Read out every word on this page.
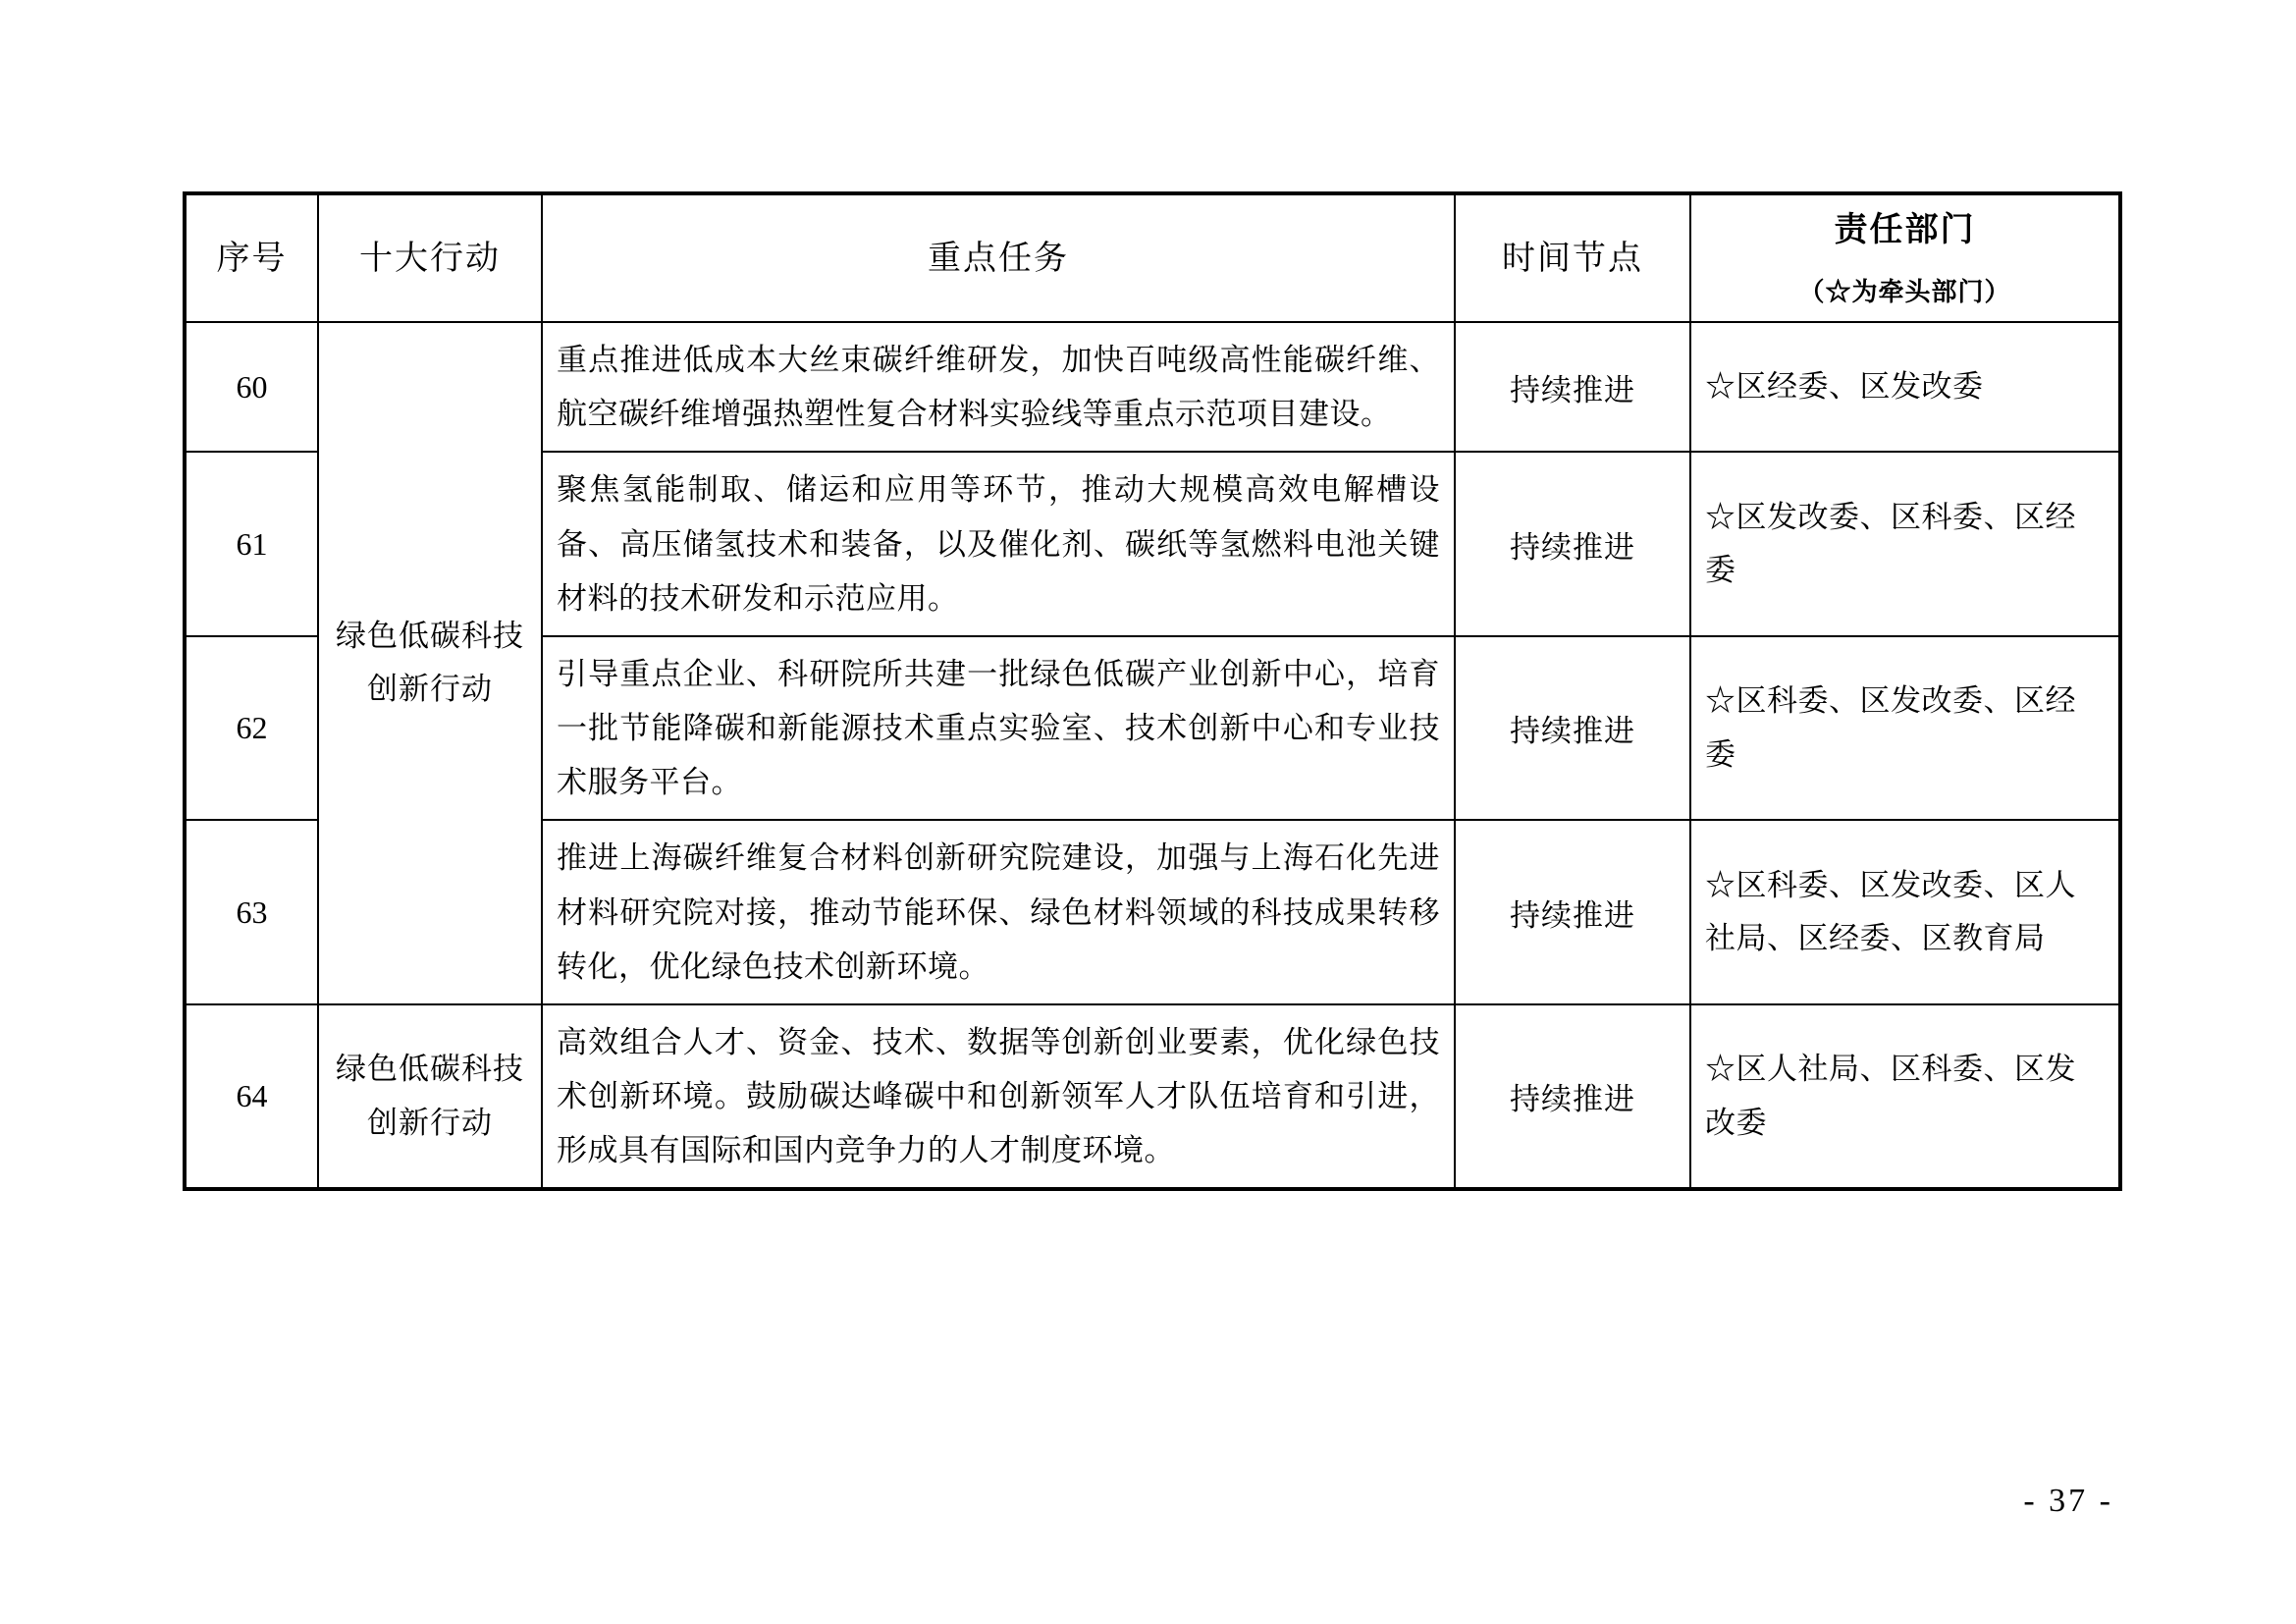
序号	十大行动	重点任务	时间节点	责任部门
（☆为牵头部门）

60	绿色低碳科技创新行动	重点推进低成本大丝束碳纤维研发，加快百吨级高性能碳纤维、航空碳纤维增强热塑性复合材料实验线等重点示范项目建设。	持续推进	☆区经委、区发改委
61		聚焦氢能制取、储运和应用等环节，推动大规模高效电解槽设备、高压储氢技术和装备，以及催化剂、碳纸等氢燃料电池关键材料的技术研发和示范应用。	持续推进	☆区发改委、区科委、区经委
62		引导重点企业、科研院所共建一批绿色低碳产业创新中心，培育一批节能降碳和新能源技术重点实验室、技术创新中心和专业技术服务平台。	持续推进	☆区科委、区发改委、区经委
63		推进上海碳纤维复合材料创新研究院建设，加强与上海石化先进材料研究院对接，推动节能环保、绿色材料领域的科技成果转移转化，优化绿色技术创新环境。	持续推进	☆区科委、区发改委、区人社局、区经委、区教育局
64	绿色低碳科技创新行动	高效组合人才、资金、技术、数据等创新创业要素，优化绿色技术创新环境。鼓励碳达峰碳中和创新领军人才队伍培育和引进，形成具有国际和国内竞争力的人才制度环境。	持续推进	☆区人社局、区科委、区发改委
- 37 -
